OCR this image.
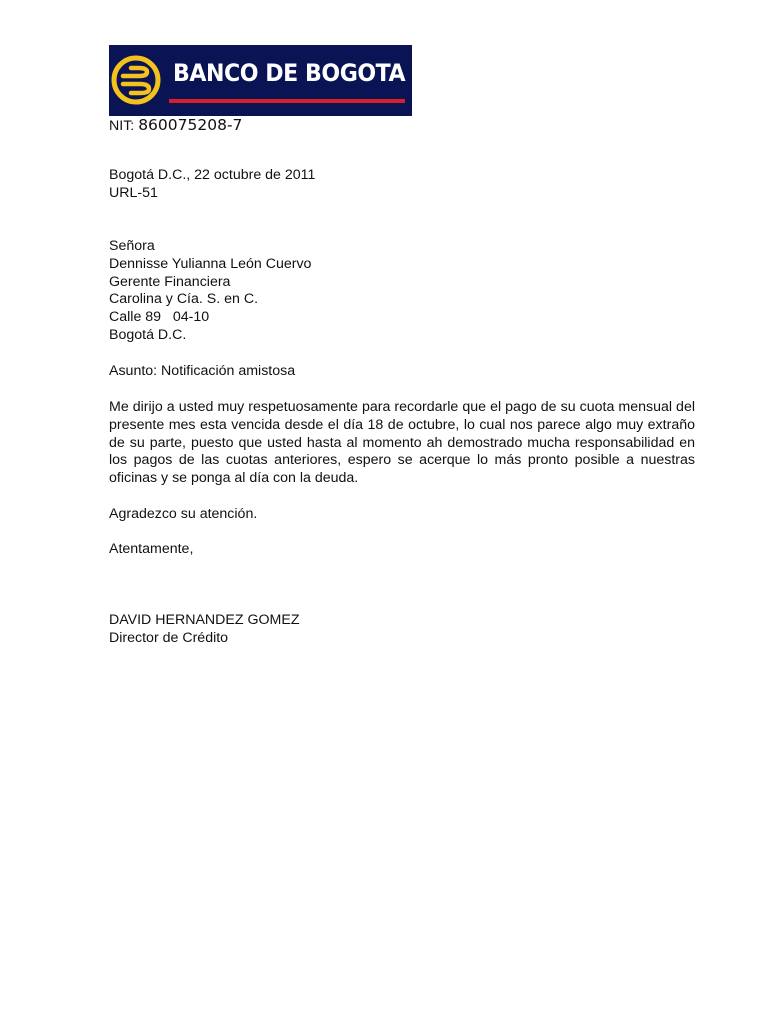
BANCO DE BOGOTA
NIT: 860075208-7
Bogotá D.C., 22 octubre de 2011
URL-51
Señora
Dennisse Yulianna León Cuervo
Gerente Financiera
Carolina y Cía. S. en C.
Calle 89   04-10
Bogotá D.C.
Asunto: Notificación amistosa
Me dirijo a usted muy respetuosamente para recordarle que el pago de su cuota mensual del presente mes esta vencida desde el día 18 de octubre, lo cual nos parece algo muy extraño de su parte, puesto que usted hasta al momento ah demostrado mucha responsabilidad en los pagos de las cuotas anteriores, espero se acerque lo más pronto posible a nuestras oficinas y se ponga al día con la deuda.
Agradezco su atención.
Atentamente,
DAVID HERNANDEZ GOMEZ
Director de Crédito
